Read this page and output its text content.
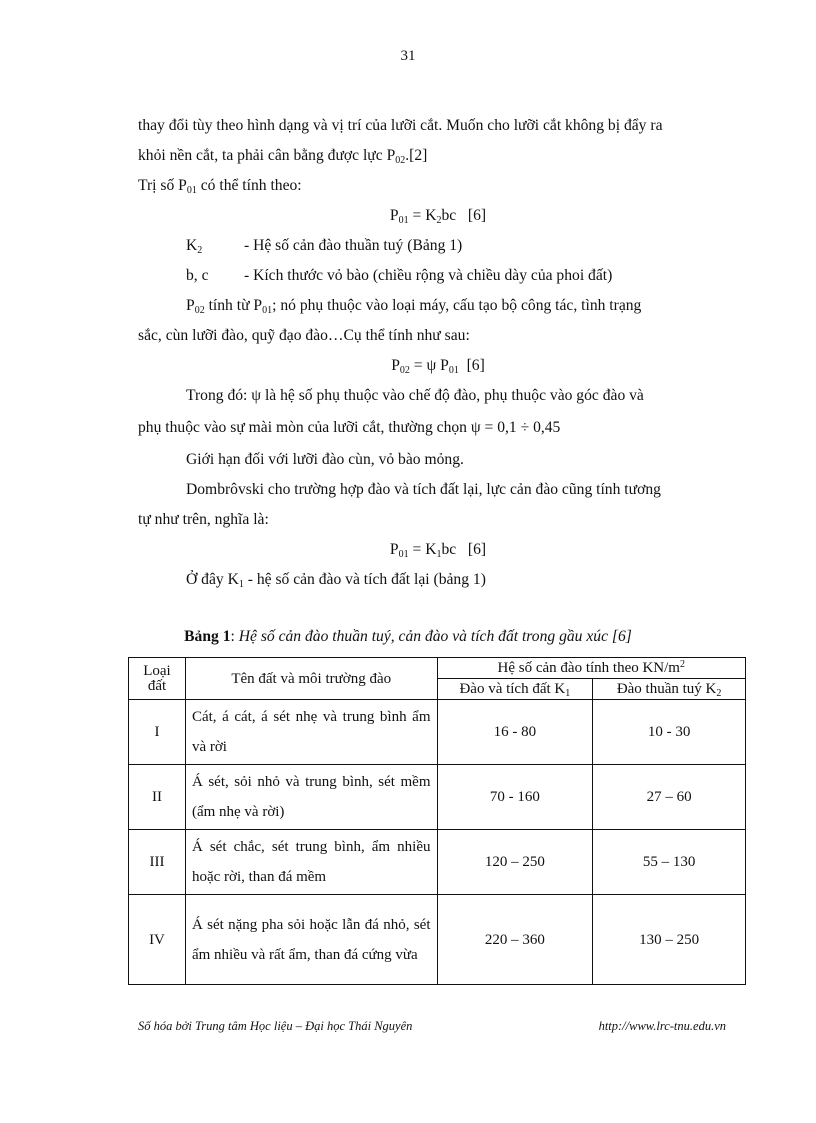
31
thay đổi tùy theo hình dạng và vị trí của lưỡi cắt. Muốn cho lưỡi cắt không bị đẩy ra
khỏi nền cắt, ta phải cân bằng được lực $P_{02}.[2]$
Trị số $P_{01}$ có thể tính theo:
$P_{01} = K_2bc$   [6]
$K_2$	- Hệ số cản đào thuần tuý (Bảng 1)
b, c - Kích thước vỏ bào (chiều rộng và chiều dày của phoi đất)
$P_{02}$ tính từ $P_{01}$; nó phụ thuộc vào loại máy, cấu tạo bộ công tác, tình trạng
sắc, cùn lưỡi đào, quỹ đạo đào…Cụ thể tính như sau:
$P_{02} = \psi$ $P_{01}$  [6]
Trong đó: ψ là hệ số phụ thuộc vào chế độ đào, phụ thuộc vào góc đào và
phụ thuộc vào sự mài mòn của lưỡi cắt, thường chọn ψ = 0,1 ÷ 0,45
Giới hạn đối với lưỡi đào cùn, vỏ bào mỏng.
Dombrôvski cho trường hợp đào và tích đất lại, lực cản đào cũng tính tương
tự như trên, nghĩa là:
$P_{01} = K_1bc$   [6]
Ở đây $K_1$ - hệ số cản đào và tích đất lại (bảng 1)
Bảng 1: Hệ số cản đào thuần tuý, cản đào và tích đất trong gầu xúc [6]
Loại đất	Tên đất và môi trường đào	Hệ số cản đào tính theo $KN/m^2$
		Đào và tích đất $K_1$	Đào thuần tuý $K_2$
I	Cát, á cát, á sét nhẹ và trung bình ẩm và rời	16 - 80	10 - 30
II	Á sét, sỏi nhỏ và trung bình, sét mềm (ẩm nhẹ và rời)	70 - 160	27 – 60
III	Á sét chắc, sét trung bình, ẩm nhiều hoặc rời, than đá mềm	120 – 250	55 – 130
IV	Á sét nặng pha sỏi hoặc lẫn đá nhỏ, sét ẩm nhiều và rất ẩm, than đá cứng vừa	220 – 360	130 – 250
Số hóa bởi Trung tâm Học liệu – Đại học Thái Nguyên	http://www.lrc-tnu.edu.vn
